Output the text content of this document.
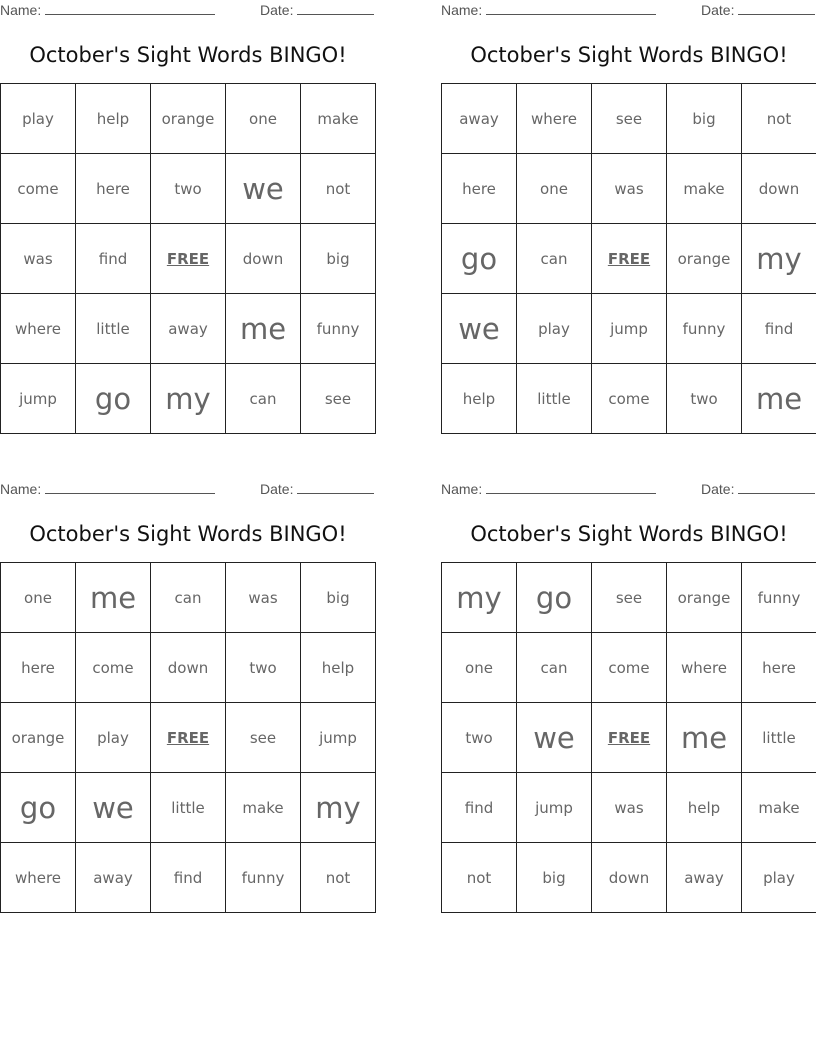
Name:	Date:
October's Sight Words BINGO!
play	help	orange	one	make
come	here	two	we	not
was	find	FREE	down	big
where	little	away	me	funny
jump	go	my	can	see
Name:	Date:
October's Sight Words BINGO!
away	where	see	big	not
here	one	was	make	down
go	can	FREE	orange	my
we	play	jump	funny	find
help	little	come	two	me
Name:	Date:
October's Sight Words BINGO!
one	me	can	was	big
here	come	down	two	help
orange	play	FREE	see	jump
go	we	little	make	my
where	away	find	funny	not
Name:	Date:
October's Sight Words BINGO!
my	go	see	orange	funny
one	can	come	where	here
two	we	FREE	me	little
find	jump	was	help	make
not	big	down	away	play
